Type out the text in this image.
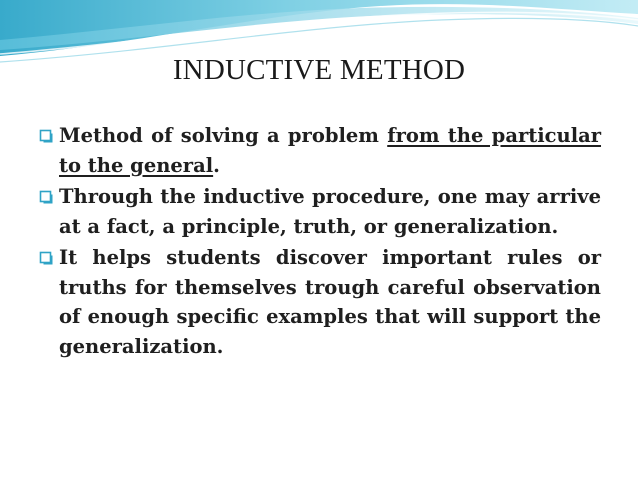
INDUCTIVE METHOD
Method of solving a problem from the particular to the general.
Through the inductive procedure, one may arrive at a fact, a principle, truth, or generalization.
It helps students discover important rules or truths for themselves trough careful observation of enough specific examples that will support the generalization.
